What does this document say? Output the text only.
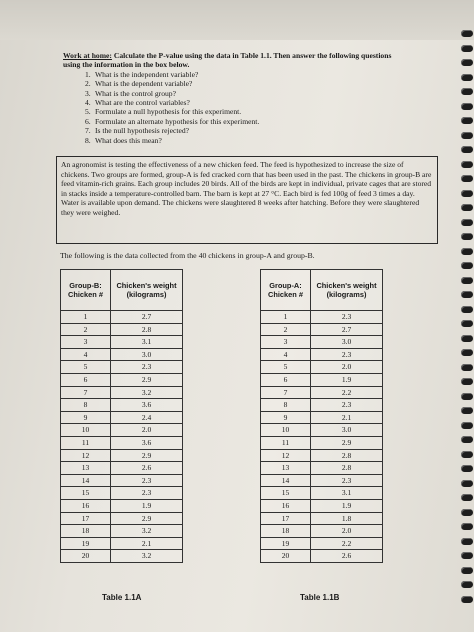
Work at home: Calculate the P-value using the data in Table 1.1. Then answer the following questions
using the information in the box below.
1. What is the independent variable?
2. What is the dependent variable?
3. What is the control group?
4. What are the control variables?
5. Formulate a null hypothesis for this experiment.
6. Formulate an alternate hypothesis for this experiment.
7. Is the null hypothesis rejected?
8. What does this mean?
An agronomist is testing the effectiveness of a new chicken feed. The feed is hypothesized to increase the size of chickens. Two groups are formed, group-A is fed cracked corn that has been used in the past. The chickens in group-B are feed vitamin-rich grains. Each group includes 20 birds. All of the birds are kept in individual, private cages that are stored in stacks inside a temperature-controlled barn. The barn is kept at 27 °C. Each bird is fed 100g of feed 3 times a day. Water is available upon demand. The chickens were slaughtered 8 weeks after hatching. Before they were slaughtered they were weighed.
The following is the data collected from the 40 chickens in group-A and group-B.
Group-B: Chicken #	Chicken's weight (kilograms)
1	2.7
2	2.8
3	3.1
4	3.0
5	2.3
6	2.9
7	3.2
8	3.6
9	2.4
10	2.0
11	3.6
12	2.9
13	2.6
14	2.3
15	2.3
16	1.9
17	2.9
18	3.2
19	2.1
20	3.2
Group-A: Chicken #	Chicken's weight (kilograms)
1	2.3
2	2.7
3	3.0
4	2.3
5	2.0
6	1.9
7	2.2
8	2.3
9	2.1
10	3.0
11	2.9
12	2.8
13	2.8
14	2.3
15	3.1
16	1.9
17	1.8
18	2.0
19	2.2
20	2.6
Table 1.1A	Table 1.1B
